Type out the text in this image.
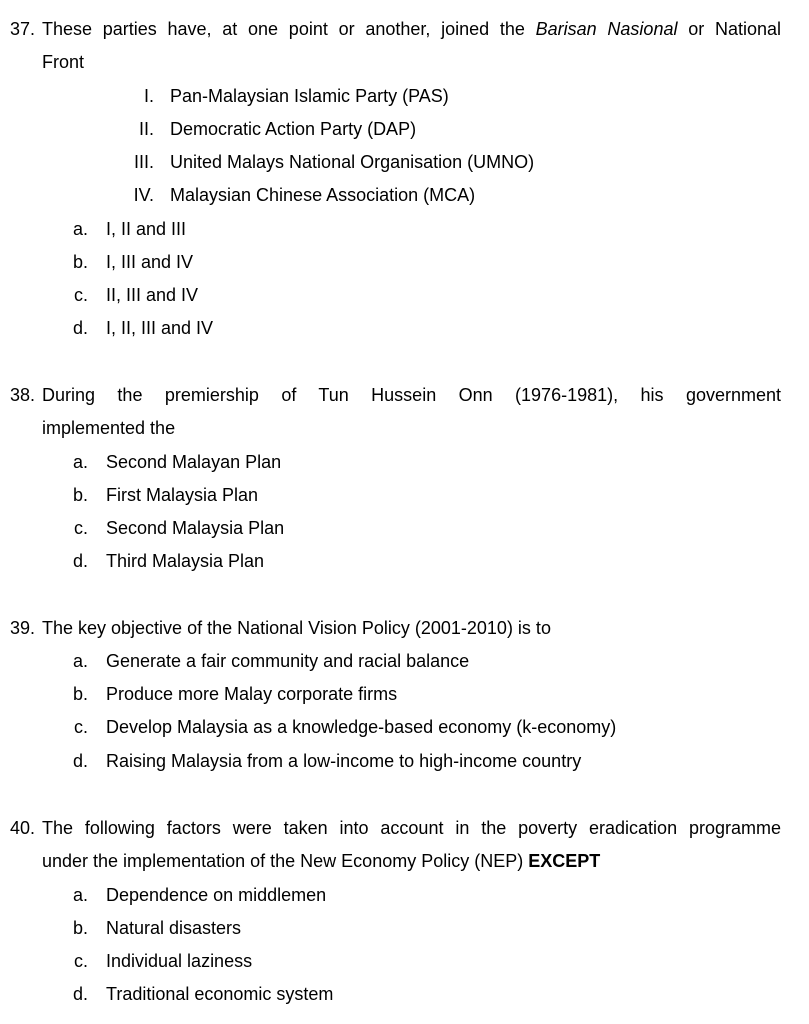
37. These parties have, at one point or another, joined the Barisan Nasional or National
Front
I. Pan-Malaysian Islamic Party (PAS)
II. Democratic Action Party (DAP)
III. United Malays National Organisation (UMNO)
IV. Malaysian Chinese Association (MCA)
a. I, II and III
b. I, III and IV
c. II, III and IV
d. I, II, III and IV
38. During the premiership of Tun Hussein Onn (1976-1981), his government
implemented the
a. Second Malayan Plan
b. First Malaysia Plan
c. Second Malaysia Plan
d. Third Malaysia Plan
39. The key objective of the National Vision Policy (2001-2010) is to
a. Generate a fair community and racial balance
b. Produce more Malay corporate firms
c. Develop Malaysia as a knowledge-based economy (k-economy)
d. Raising Malaysia from a low-income to high-income country
40. The following factors were taken into account in the poverty eradication programme
under the implementation of the New Economy Policy (NEP) EXCEPT
a. Dependence on middlemen
b. Natural disasters
c. Individual laziness
d. Traditional economic system
